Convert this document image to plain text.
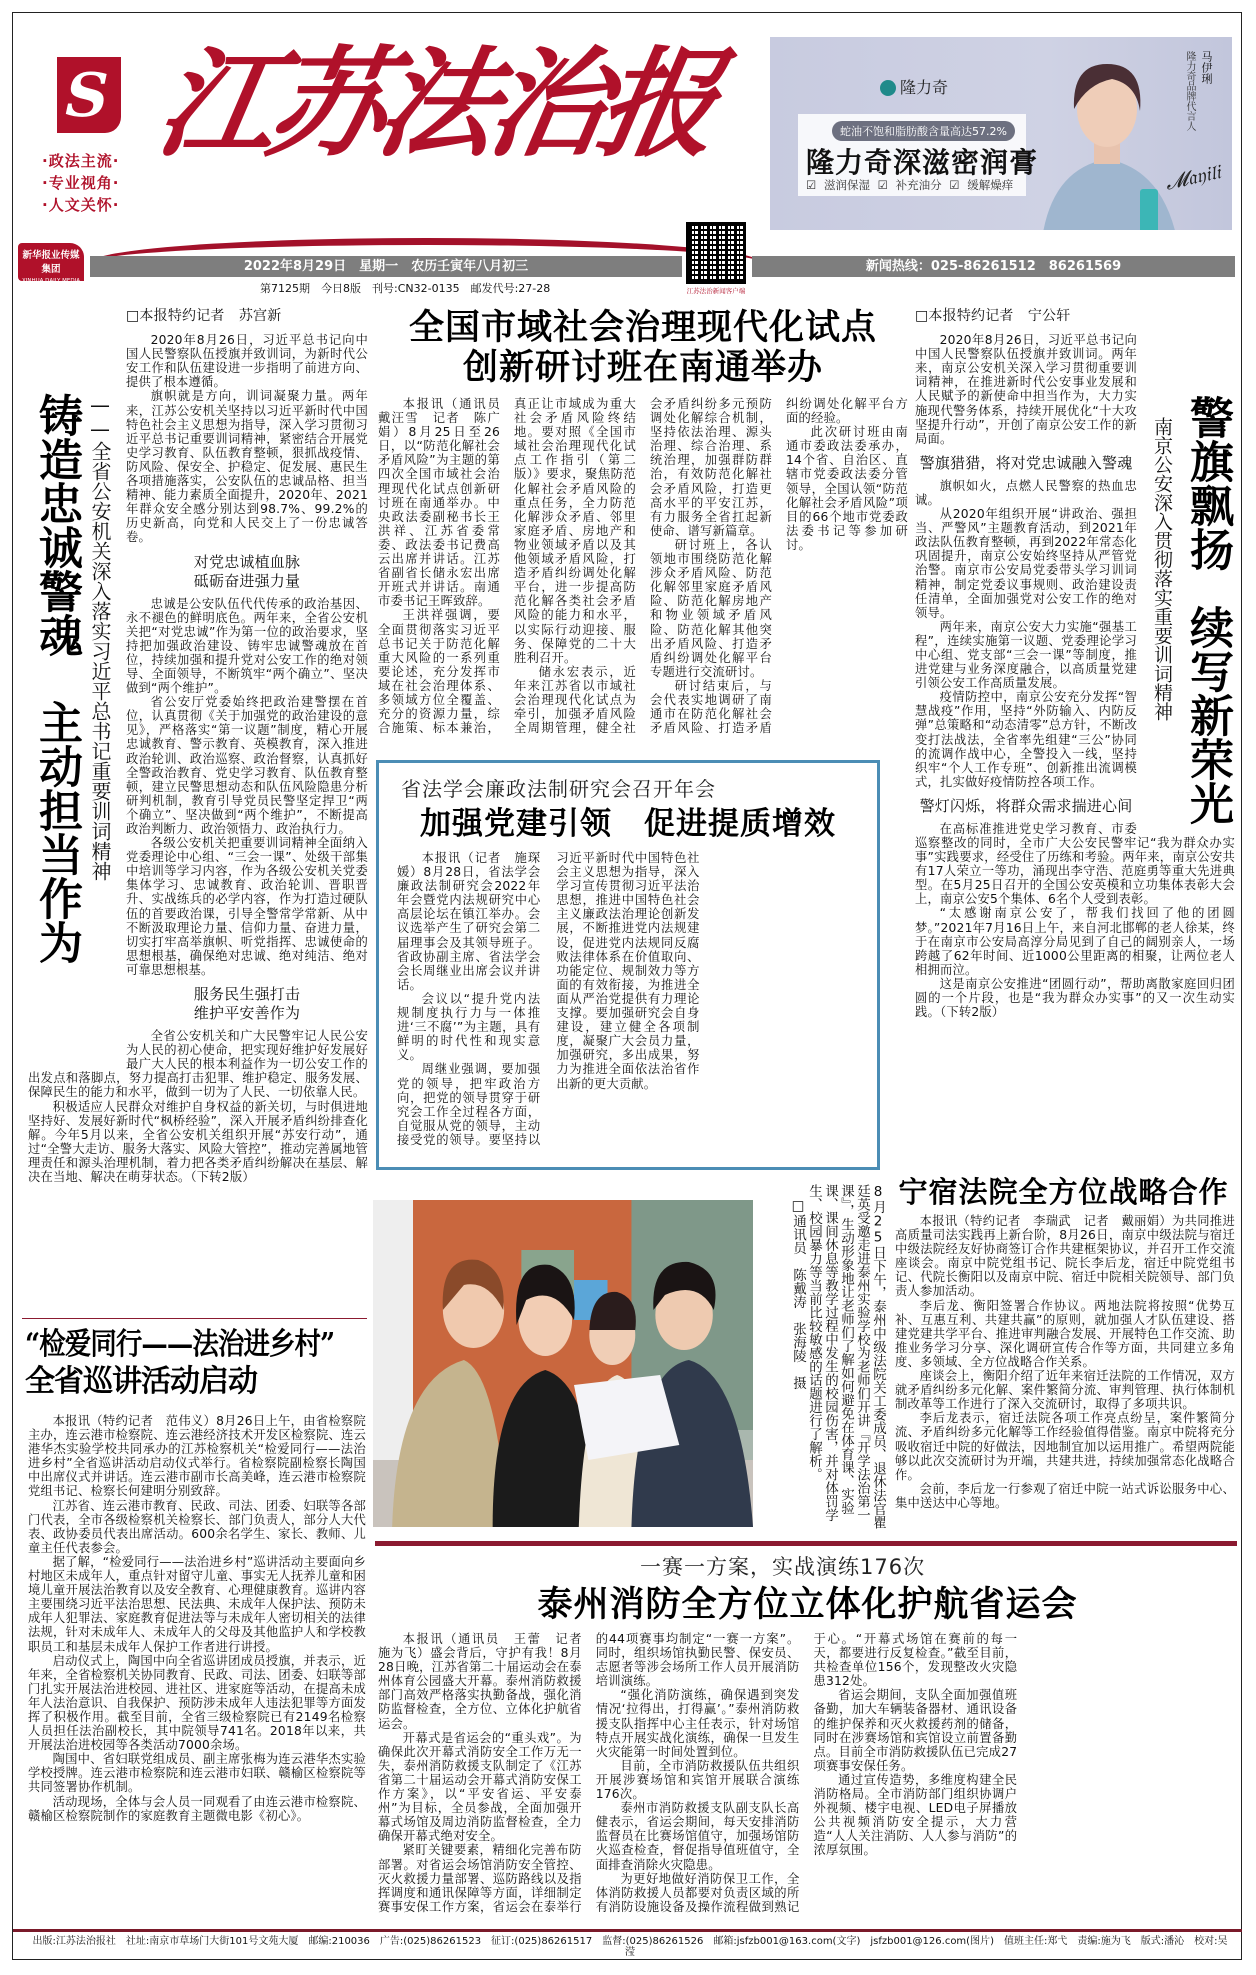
S
·政法主流·
·专业视角·
·人文关怀·
江苏法治报	隆力奇
蛇油不饱和脂肪酸含量高达57.2%
隆力奇深滋密润膏
☑ 滋润保湿 ☑ 补充油分 ☑ 缓解燥痒
马伊琍
隆力奇品牌代言人
𝓜𝔞𝔶𝔦𝔩𝔦
新华报业传媒集团
XINHUA DAILY MEDIA GROUP
2022年8月29日　星期一　农历壬寅年八月初三	新闻热线：025-86261512　86261569
第7125期　今日8版　刊号:CN32-0135　邮发代号:27-28	江苏法治新闻客户端
铸造忠诚警魂
主动担当作为 ——全省公安机关深入落实习近平总书记重要训词精神

□本报特约记者　苏宫新

2020年8月26日，习近平总书记向中国人民警察队伍授旗并致训词，为新时代公安工作和队伍建设进一步指明了前进方向、提供了根本遵循。

旗帜就是方向，训词凝聚力量。两年来，江苏公安机关坚持以习近平新时代中国特色社会主义思想为指导，深入学习贯彻习近平总书记重要训词精神，紧密结合开展党史学习教育、队伍教育整顿，狠抓战疫情、防风险、保安全、护稳定、促发展、惠民生各项措施落实，公安队伍的忠诚品格、担当精神、能力素质全面提升，2020年、2021年群众安全感分别达到98.7%、99.2%的历史新高，向党和人民交上了一份忠诚答卷。

对党忠诚植血脉
砥砺奋进强力量

忠诚是公安队伍代代传承的政治基因、永不褪色的鲜明底色。两年来，全省公安机关把“对党忠诚”作为第一位的政治要求，坚持把加强政治建设、铸牢忠诚警魂放在首位，持续加强和提升党对公安工作的绝对领导、全面领导，不断筑牢“两个确立”、坚决做到“两个维护”。

省公安厅党委始终把政治建警摆在首位，认真贯彻《关于加强党的政治建设的意见》，严格落实“第一议题”制度，精心开展忠诚教育、警示教育、英模教育，深入推进政治轮训、政治巡察、政治督察，认真抓好全警政治教育、党史学习教育、队伍教育整顿，建立民警思想动态和队伍风险隐患分析研判机制，教育引导党员民警坚定捍卫“两个确立”、坚决做到“两个维护”，不断提高政治判断力、政治领悟力、政治执行力。

各级公安机关把重要训词精神全面纳入党委理论中心组、“三会一课”、处级干部集中培训等学习内容，作为各级公安机关党委集体学习、忠诚教育、政治轮训、晋职晋升、实战练兵的必学内容，作为打造过硬队伍的首要政治课，引导全警常学常新、从中不断汲取理论力量、信仰力量、奋进力量，切实打牢高举旗帜、听党指挥、忠诚使命的思想根基，确保绝对忠诚、绝对纯洁、绝对可靠思想根基。

服务民生强打击
维护平安善作为

全省公安机关和广大民警牢记人民公安为人民的初心使命，把实现好维护好发展好最广大人民的根本利益作为一切公安工作的出发点和落脚点，努力提高打击犯罪、维护稳定、服务发展、保障民生的能力和水平，做到一切为了人民、一切依靠人民。

积极适应人民群众对维护自身权益的新关切，与时俱进地坚持好、发展好新时代“枫桥经验”，深入开展矛盾纠纷排查化解。今年5月以来，全省公安机关组织开展“苏安行动”，通过“全警大走访、服务大落实、风险大管控”，推动完善属地管理责任和源头治理机制，着力把各类矛盾纠纷解决在基层、解决在当地、解决在萌芽状态。（下转2版）

全国市域社会治理现代化试点
创新研讨班在南通举办

本报讯（通讯员　戴汪雪　记者　陈广娟）8月25日至26日，以“防范化解社会矛盾风险”为主题的第四次全国市域社会治理现代化试点创新研讨班在南通举办。中央政法委副秘书长王洪祥、江苏省委常委、政法委书记费高云出席并讲话。江苏省副省长储永宏出席开班式并讲话。南通市委书记王晖致辞。

王洪祥强调，要全面贯彻落实习近平总书记关于防范化解重大风险的一系列重要论述，充分发挥市域在社会治理体系、多领域方位全覆盖、充分的资源力量，综合施策、标本兼治，真正让市域成为重大社会矛盾风险终结地。要对照《全国市域社会治理现代化试点工作指引（第二版）》要求，聚焦防范化解社会矛盾风险的重点任务，全力防范化解涉众矛盾、邻里家庭矛盾、房地产和物业领域矛盾以及其他领域矛盾风险，打造矛盾纠纷调处化解平台，进一步提高防范化解各类社会矛盾风险的能力和水平，以实际行动迎接、服务、保障党的二十大胜利召开。

储永宏表示，近年来江苏省以市域社会治理现代化试点为牵引，加强矛盾风险全周期管理，健全社会矛盾纠纷多元预防调处化解综合机制，坚持依法治理、源头治理、综合治理、系统治理，加强群防群治，有效防范化解社会矛盾风险，打造更高水平的平安江苏，有力服务全省扛起新使命、谱写新篇章。

研讨班上，各认领地市围绕防范化解涉众矛盾风险、防范化解邻里家庭矛盾风险、防范化解房地产和物业领域矛盾风险、防范化解其他突出矛盾风险、打造矛盾纠纷调处化解平台专题进行交流研讨。

研讨结束后，与会代表实地调研了南通市在防范化解社会矛盾风险、打造矛盾纠纷调处化解平台方面的经验。

此次研讨班由南通市委政法委承办，14个省、自治区、直辖市党委政法委分管领导，全国认领“防范化解社会矛盾风险”项目的66个地市党委政法委书记等参加研讨。

省法学会廉政法制研究会召开年会
加强党建引领　促进提质增效

本报讯（记者　施琛媛）8月28日，省法学会廉政法制研究会2022年年会暨党内法规研究中心高层论坛在镇江举办。会议选举产生了研究会第二届理事会及其领导班子。省政协副主席、省法学会会长周继业出席会议并讲话。

会议以“提升党内法规制度执行力与一体推进‘三不腐’”为主题，具有鲜明的时代性和现实意义。

周继业强调，要加强党的领导，把牢政治方向，把党的领导贯穿于研究会工作全过程各方面，自觉服从党的领导，主动接受党的领导。要坚持以习近平新时代中国特色社会主义思想为指导，深入学习宣传贯彻习近平法治思想，推进中国特色社会主义廉政法治理论创新发展，不断推进党内法规建设，促进党内法规同反腐败法律体系在价值取向、功能定位、规制效力等方面的有效衔接，为推进全面从严治党提供有力理论支撑。要加强研究会自身建设，建立健全各项制度，凝聚广大会员力量，加强研究，多出成果，努力为推进全面依法治省作出新的更大贡献。

警旗飘扬
续写新荣光
南京公安深入贯彻落实重要训词精神

□本报特约记者　宁公轩

2020年8月26日，习近平总书记向中国人民警察队伍授旗并致训词。两年来，南京公安机关深入学习贯彻重要训词精神，在推进新时代公安事业发展和人民赋予的新使命中担当作为，大力实施现代警务体系，持续开展优化“十大攻坚提升行动”，开创了南京公安工作的新局面。

警旗猎猎，将对党忠诚融入警魂

旗帜如火，点燃人民警察的热血忠诚。

从2020年组织开展“讲政治、强担当、严警风”主题教育活动，到2021年政法队伍教育整顿，再到2022年常态化巩固提升，南京公安始终坚持从严管党治警。南京市公安局党委带头学习训词精神，制定党委议事规则、政治建设责任清单，全面加强党对公安工作的绝对领导。

两年来，南京公安大力实施“强基工程”，连续实施第一议题、党委理论学习中心组、党支部“三会一课”等制度，推进党建与业务深度融合，以高质量党建引领公安工作高质量发展。

疫情防控中，南京公安充分发挥“智慧战疫”作用，坚持“外防输入、内防反弹”总策略和“动态清零”总方针，不断改变打法战法，全省率先组建“三公”协同的流调作战中心，全警投入一线，坚持织牢“个人工作专班”、创新推出流调模式，扎实做好疫情防控各项工作。

警灯闪烁，将群众需求揣进心间

在高标准推进党史学习教育、市委巡察整改的同时，全市广大公安民警牢记“我为群众办实事”实践要求，经受住了历练和考验。两年来，南京公安共有17人荣立一等功，涌现出李守浩、范庭勇等重大先进典型。在5月25日召开的全国公安英模和立功集体表彰大会上，南京公安5个集体、6名个人受到表彰。

“太感谢南京公安了，帮我们找回了他的团圆梦。”2021年7月16日上午，来自河北邯郸的老人徐某，终于在南京市公安局高淳分局见到了自己的阔别亲人，一场跨越了62年时间、近1000公里距离的相聚，让两位老人相拥而泣。

这是南京公安推进“团圆行动”，帮助离散家庭回归团圆的一个片段，也是“我为群众办实事”的又一次生动实践。（下转2版）

8月25日下午，泰州中级法院关工委成员、退休法官瞿廷英受邀走进泰州实验学校为老师们开讲『开学法治第一课』，生动形象地让老师们了解如何避免在体育课、实验课、课间休息等教学过程中发生的校园伤害，并对体罚学生、校园暴力等当前比较敏感的话题进行了解析。
□通讯员　陈戴涛　张海陵　摄
宁宿法院全方位战略合作

本报讯（特约记者　李瑞武　记者　戴丽娟）为共同推进高质量司法实践再上新台阶，8月26日，南京中级法院与宿迁中级法院经友好协商签订合作共建框架协议，并召开工作交流座谈会。南京中院党组书记、院长李后龙，宿迁中院党组书记、代院长衡阳以及南京中院、宿迁中院相关院领导、部门负责人参加活动。

李后龙、衡阳签署合作协议。两地法院将按照“优势互补、互惠互利、共建共赢”的原则，就加强人才队伍建设、搭建党建共学平台、推进审判融合发展、开展特色工作交流、助推业务学习分享、深化调研宣传合作等方面，共同建立多角度、多领域、全方位战略合作关系。

座谈会上，衡阳介绍了近年来宿迁法院的工作情况，双方就矛盾纠纷多元化解、案件繁简分流、审判管理、执行体制机制改革等工作进行了深入交流研讨，取得了多项共识。

李后龙表示，宿迁法院各项工作亮点纷呈，案件繁简分流、矛盾纠纷多元化解等工作经验值得借鉴。南京中院将充分吸收宿迁中院的好做法，因地制宜加以运用推广。希望两院能够以此次交流研讨为开端，共建共进，持续加强常态化战略合作。

会前，李后龙一行参观了宿迁中院一站式诉讼服务中心、集中送达中心等地。

“检爱同行——法治进乡村”
全省巡讲活动启动

本报讯（特约记者　范伟义）8月26日上午，由省检察院主办，连云港市检察院、连云港经济技术开发区检察院、连云港华杰实验学校共同承办的江苏检察机关“检爱同行——法治进乡村”全省巡讲活动启动仪式举行。省检察院副检察长陶国中出席仪式并讲话。连云港市副市长高美峰，连云港市检察院党组书记、检察长何建明分别致辞。

江苏省、连云港市教育、民政、司法、团委、妇联等各部门代表，全市各级检察机关检察长、部门负责人，部分人大代表、政协委员代表出席活动。600余名学生、家长、教师、儿童主任代表参会。

据了解，“检爱同行——法治进乡村”巡讲活动主要面向乡村地区未成年人，重点针对留守儿童、事实无人抚养儿童和困境儿童开展法治教育以及安全教育、心理健康教育。巡讲内容主要围绕习近平法治思想、民法典、未成年人保护法、预防未成年人犯罪法、家庭教育促进法等与未成年人密切相关的法律法规，针对未成年人、未成年人的父母及其他监护人和学校教职员工和基层未成年人保护工作者进行讲授。

启动仪式上，陶国中向全省巡讲团成员授旗，并表示，近年来，全省检察机关协同教育、民政、司法、团委、妇联等部门扎实开展法治进校园、进社区、进家庭等活动，在提高未成年人法治意识、自我保护、预防涉未成年人违法犯罪等方面发挥了积极作用。截至目前，全省三级检察院已有2149名检察人员担任法治副校长，其中院领导741名。2018年以来，共开展法治进校园等各类活动7000余场。

陶国中、省妇联党组成员、副主席张梅为连云港华杰实验学校授牌。连云港市检察院和连云港市妇联、赣榆区检察院等共同签署协作机制。

活动现场，全体与会人员一同观看了由连云港市检察院、赣榆区检察院制作的家庭教育主题微电影《初心》。

一赛一方案，实战演练176次
泰州消防全方位立体化护航省运会

本报讯（通讯员　王蕾　记者　施为飞）盛会背后，守护有我！8月28日晚，江苏省第二十届运动会在泰州体育公园盛大开幕。泰州消防救援部门高效严格落实执勤备战，强化消防监督检查，全方位、立体化护航省运会。

开幕式是省运会的“重头戏”。为确保此次开幕式消防安全工作万无一失，泰州消防救援支队制定了《江苏省第二十届运动会开幕式消防安保工作方案》，以“平安省运、平安泰州”为目标，全员参战，全面加强开幕式场馆及周边消防监督检查，全力确保开幕式绝对安全。

紧盯关键要素，精细化完善布防部署。对省运会场馆消防安全管控、灭火救援力量部署、巡防路线以及指挥调度和通讯保障等方面，详细制定赛事安保工作方案，省运会在泰举行的44项赛事均制定“一赛一方案”。同时，组织场馆执勤民警、保安员、志愿者等涉会场所工作人员开展消防培训演练。

“强化消防演练，确保遇到突发情况‘拉得出，打得赢’。”泰州消防救援支队指挥中心主任表示，针对场馆特点开展实战化演练，确保一旦发生火灾能第一时间处置到位。

目前，全市消防救援队伍共组织开展涉赛场馆和宾馆开展联合演练176次。

泰州市消防救援支队副支队长高健表示，省运会期间，每天安排消防监督员在比赛场馆值守，加强场馆防火巡查检查，督促指导值班值守，全面排查消除火灾隐患。

为更好地做好消防保卫工作，全体消防救援人员都要对负责区域的所有消防设施设备及操作流程做到熟记于心。“开幕式场馆在赛前的每一天，都要进行反复检查。”截至目前，共检查单位156个，发现整改火灾隐患312处。

省运会期间，支队全面加强值班备勤，加大车辆装备器材、通讯设备的维护保养和灭火救援药剂的储备，同时在涉赛场馆和宾馆设立前置备勤点。目前全市消防救援队伍已完成27项赛事安保任务。

通过宣传造势，多维度构建全民消防格局。全市消防部门组织协调户外视频、楼宇电视、LED电子屏播放公共视频消防安全提示，大力营造“人人关注消防、人人参与消防”的浓厚氛围。

出版:江苏法治报社　社址:南京市草场门大街101号文苑大厦　邮编:210036　广告:(025)86261523　征订:(025)86261517　监督:(025)86261526　邮箱:jsfzb001@163.com(文字)　jsfzb001@126.com(图片)　值班主任:郑弋　责编:施为飞　版式:潘沁　校对:吴滢
